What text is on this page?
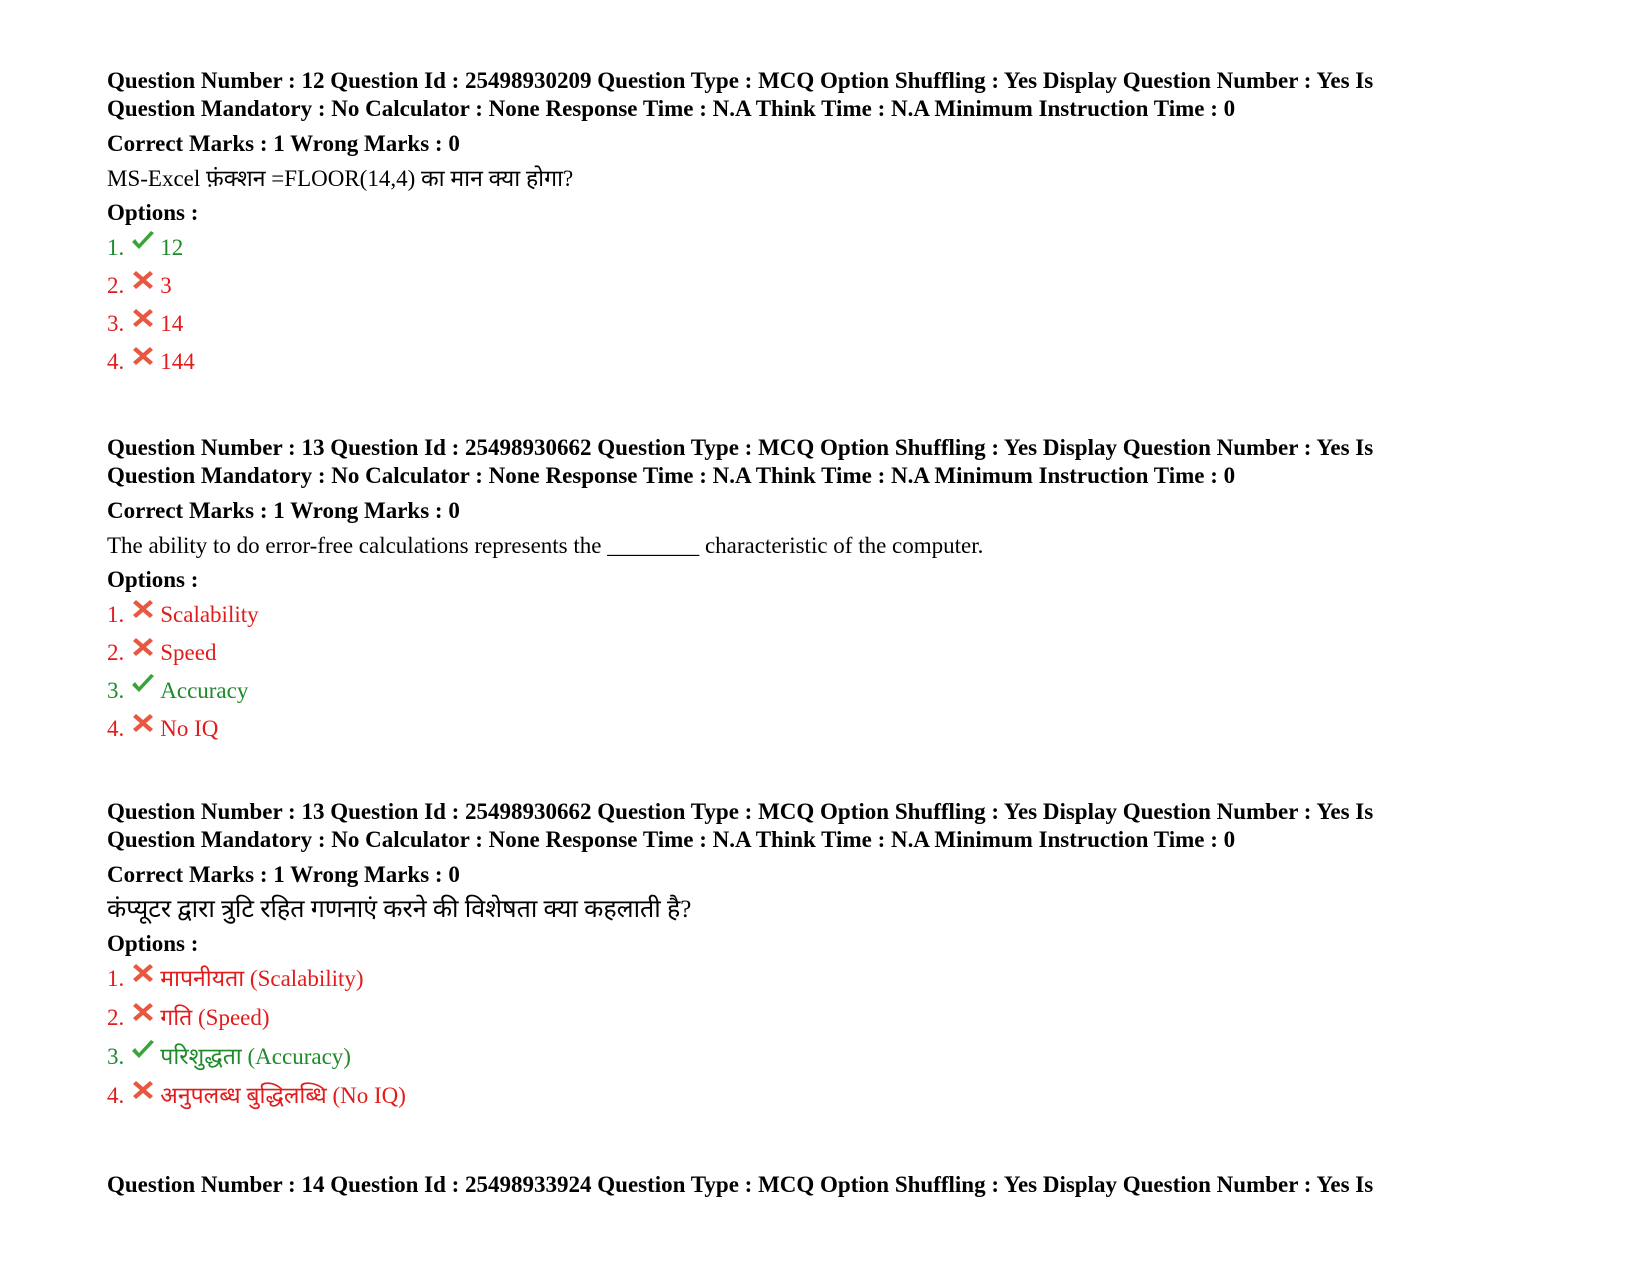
Question Number : 12 Question Id : 25498930209 Question Type : MCQ Option Shuffling : Yes Display Question Number : Yes Is
Question Mandatory : No Calculator : None Response Time : N.A Think Time : N.A Minimum Instruction Time : 0
Correct Marks : 1 Wrong Marks : 0
MS-Excel फ़ंक्शन =FLOOR(14,4) का मान क्या होगा?
Options :
1. 12
2. 3
3. 14
4. 144
Question Number : 13 Question Id : 25498930662 Question Type : MCQ Option Shuffling : Yes Display Question Number : Yes Is
Question Mandatory : No Calculator : None Response Time : N.A Think Time : N.A Minimum Instruction Time : 0
Correct Marks : 1 Wrong Marks : 0
The ability to do error-free calculations represents the ________ characteristic of the computer.
Options :
1. Scalability
2. Speed
3. Accuracy
4. No IQ
Question Number : 13 Question Id : 25498930662 Question Type : MCQ Option Shuffling : Yes Display Question Number : Yes Is
Question Mandatory : No Calculator : None Response Time : N.A Think Time : N.A Minimum Instruction Time : 0
Correct Marks : 1 Wrong Marks : 0
कंप्यूटर द्वारा त्रुटि रहित गणनाएं करने की विशेषता क्या कहलाती है?
Options :
1. मापनीयता (Scalability)
2. गति (Speed)
3. परिशुद्धता (Accuracy)
4. अनुपलब्ध बुद्धिलब्धि (No IQ)
Question Number : 14 Question Id : 25498933924 Question Type : MCQ Option Shuffling : Yes Display Question Number : Yes Is
